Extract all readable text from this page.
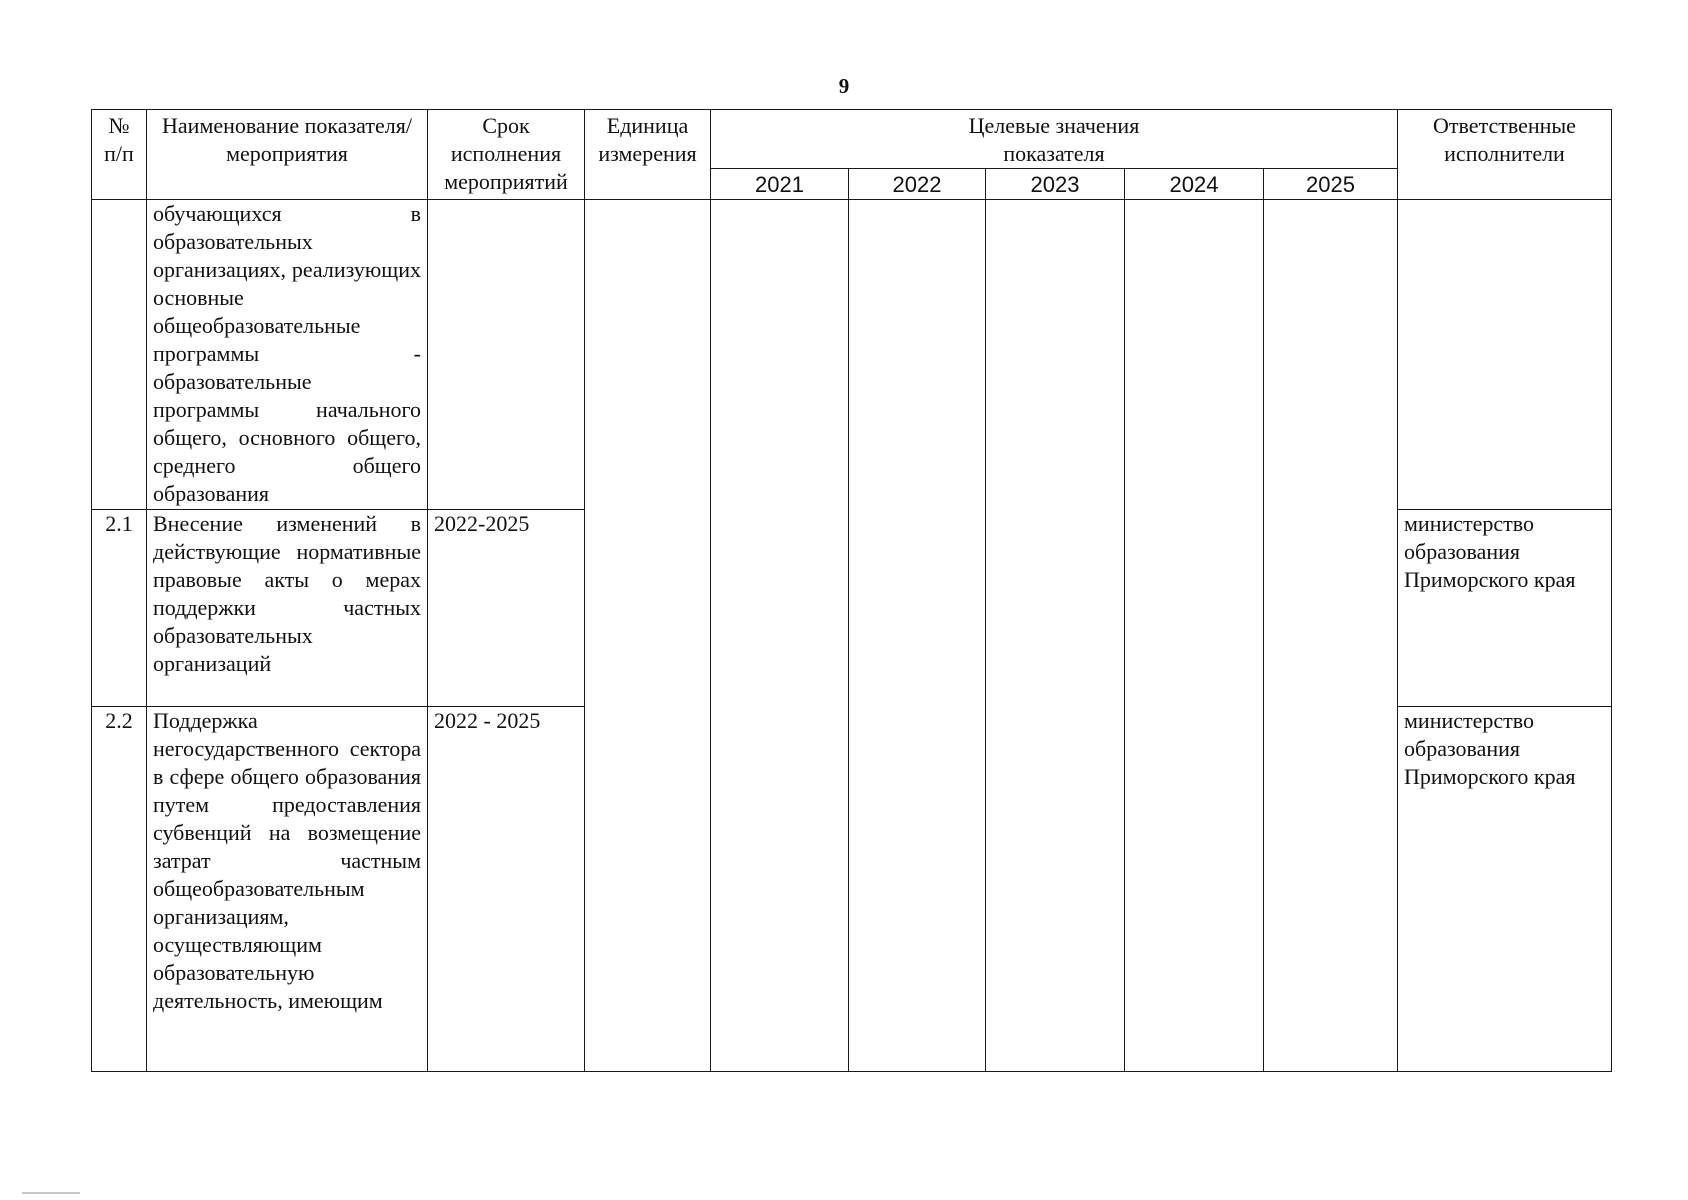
9
№ п/п	Наименование показателя/мероприятия	Срок исполнения мероприятий	Единица измерения	Целевые значения показателя					Ответственные исполнители
				2021	2022	2023	2024	2025	
	обучающихся в образовательных организациях, реализующих основные общеобразовательные программы - образовательные программы начального общего, основного общего, среднего общего образования								
2.1	Внесение изменений в действующие нормативные правовые акты о мерах поддержки частных образовательных организаций	2022-2025							министерство образования Приморского края
2.2	Поддержка негосударственного сектора в сфере общего образования путем предоставления субвенций на возмещение затрат частным общеобразовательным организациям, осуществляющим образовательную деятельность, имеющим	2022 - 2025							министерство образования Приморского края
